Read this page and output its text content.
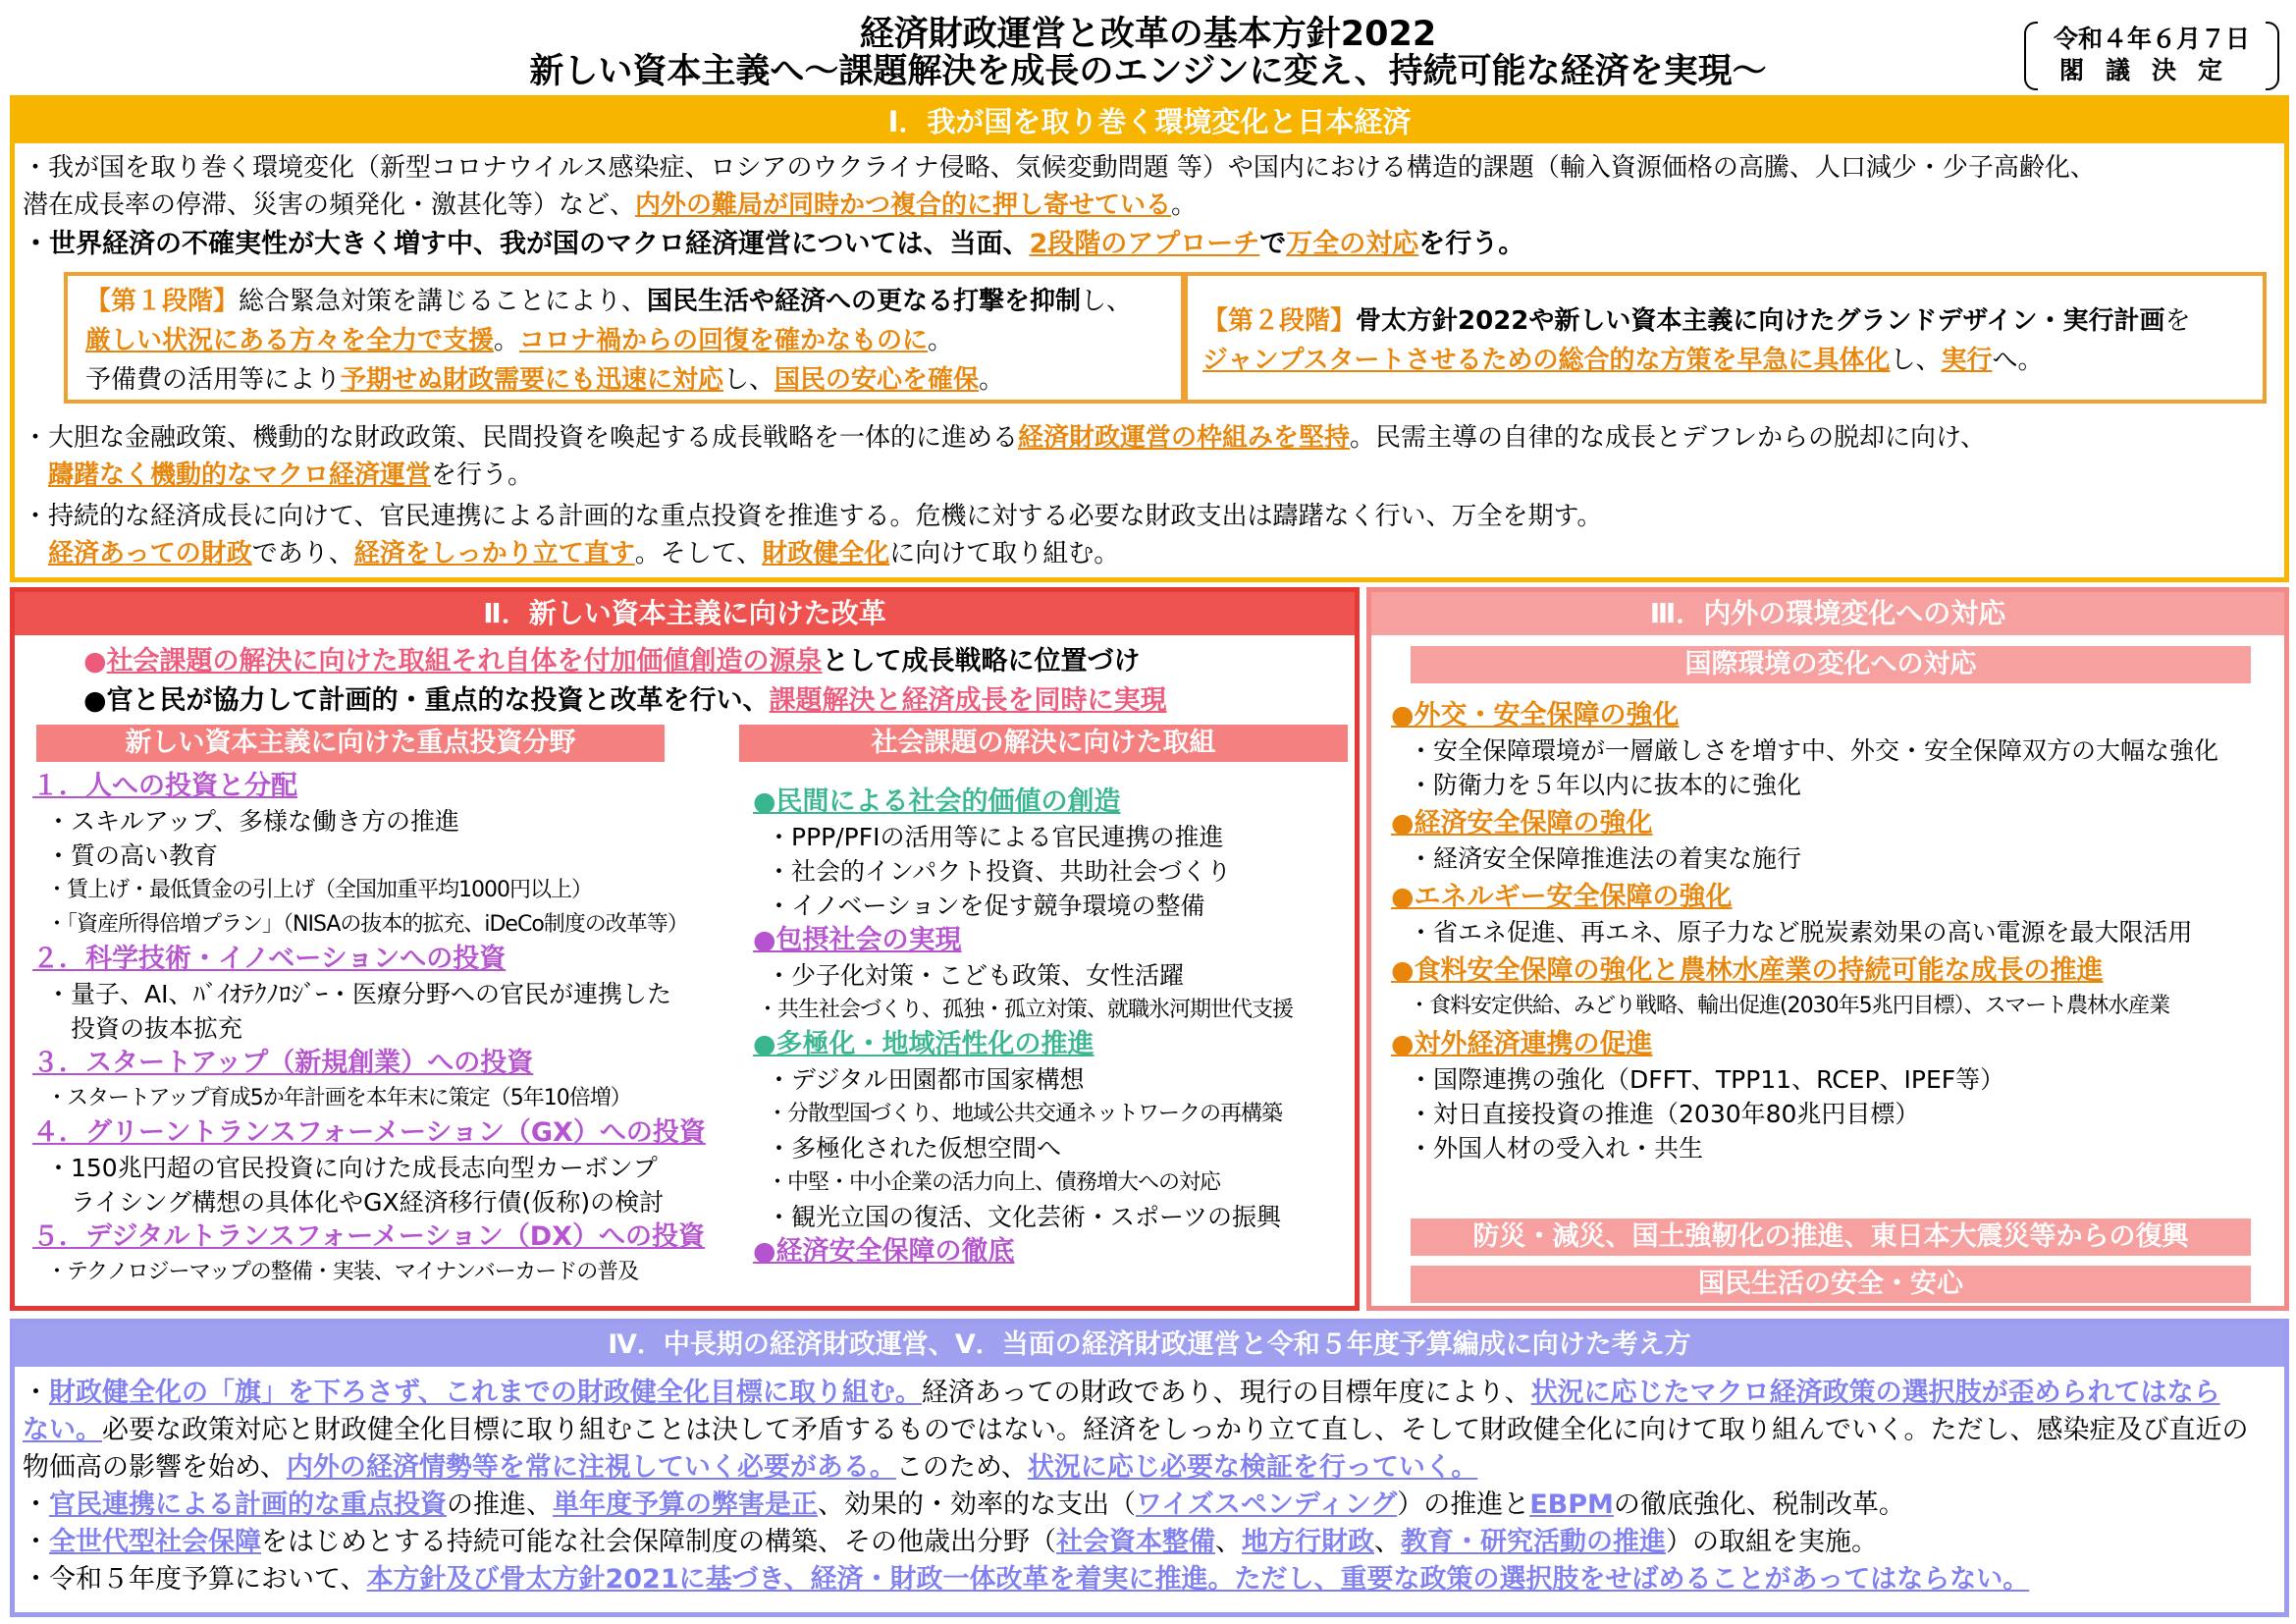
経済財政運営と改革の基本方針2022
新しい資本主義へ～課題解決を成長のエンジンに変え、持続可能な経済を実現～
令和４年６月７日
閣議決定
Ⅰ．我が国を取り巻く環境変化と日本経済
・我が国を取り巻く環境変化（新型コロナウイルス感染症、ロシアのウクライナ侵略、気候変動問題 等）や国内における構造的課題（輸入資源価格の高騰、人口減少・少子高齢化、
潜在成長率の停滞、災害の頻発化・激甚化等）など、内外の難局が同時かつ複合的に押し寄せている。
・世界経済の不確実性が大きく増す中、我が国のマクロ経済運営については、当面、2段階のアプローチで万全の対応を行う。
【第１段階】総合緊急対策を講じることにより、国民生活や経済への更なる打撃を抑制し、
厳しい状況にある方々を全力で支援。コロナ禍からの回復を確かなものに。
予備費の活用等により予期せぬ財政需要にも迅速に対応し、国民の安心を確保。
【第２段階】骨太方針2022や新しい資本主義に向けたグランドデザイン・実行計画を
ジャンプスタートさせるための総合的な方策を早急に具体化し、実行へ。
・大胆な金融政策、機動的な財政政策、民間投資を喚起する成長戦略を一体的に進める経済財政運営の枠組みを堅持。民需主導の自律的な成長とデフレからの脱却に向け、
躊躇なく機動的なマクロ経済運営を行う。
・持続的な経済成長に向けて、官民連携による計画的な重点投資を推進する。危機に対する必要な財政支出は躊躇なく行い、万全を期す。
経済あっての財政であり、経済をしっかり立て直す。そして、財政健全化に向けて取り組む。
Ⅱ．新しい資本主義に向けた改革
●社会課題の解決に向けた取組それ自体を付加価値創造の源泉として成長戦略に位置づけ
●官と民が協力して計画的・重点的な投資と改革を行い、課題解決と経済成長を同時に実現
新しい資本主義に向けた重点投資分野	社会課題の解決に向けた取組
１．人への投資と分配
・スキルアップ、多様な働き方の推進
・質の高い教育
・賃上げ・最低賃金の引上げ（全国加重平均1000円以上）
・「資産所得倍増プラン」（NISAの抜本的拡充、iDeCo制度の改革等）
２．科学技術・イノベーションへの投資
・量子、AI、ﾊﾞｲｵﾃｸﾉﾛｼﾞｰ・医療分野への官民が連携した
　投資の抜本拡充
３．スタートアップ（新規創業）への投資
・スタートアップ育成5か年計画を本年末に策定（5年10倍増）
４．グリーントランスフォーメーション（GX）への投資
・150兆円超の官民投資に向けた成長志向型カーボンプ
　ライシング構想の具体化やGX経済移行債(仮称)の検討
５．デジタルトランスフォーメーション（DX）への投資
・テクノロジーマップの整備・実装、マイナンバーカードの普及
●民間による社会的価値の創造
・PPP/PFIの活用等による官民連携の推進
・社会的インパクト投資、共助社会づくり
・イノベーションを促す競争環境の整備
●包摂社会の実現
・少子化対策・こども政策、女性活躍
・共生社会づくり、孤独・孤立対策、就職氷河期世代支援
●多極化・地域活性化の推進
・デジタル田園都市国家構想
・分散型国づくり、地域公共交通ネットワークの再構築
・多極化された仮想空間へ
・中堅・中小企業の活力向上、債務増大への対応
・観光立国の復活、文化芸術・スポーツの振興
●経済安全保障の徹底
Ⅲ．内外の環境変化への対応
国際環境の変化への対応
●外交・安全保障の強化
・安全保障環境が一層厳しさを増す中、外交・安全保障双方の大幅な強化
・防衛力を５年以内に抜本的に強化
●経済安全保障の強化
・経済安全保障推進法の着実な施行
●エネルギー安全保障の強化
・省エネ促進、再エネ、原子力など脱炭素効果の高い電源を最大限活用
●食料安全保障の強化と農林水産業の持続可能な成長の推進
・食料安定供給、みどり戦略、輸出促進(2030年5兆円目標）、スマート農林水産業
●対外経済連携の促進
・国際連携の強化（DFFT、TPP11、RCEP、IPEF等）
・対日直接投資の推進（2030年80兆円目標）
・外国人材の受入れ・共生
防災・減災、国土強靭化の推進、東日本大震災等からの復興
国民生活の安全・安心
Ⅳ．中長期の経済財政運営、Ⅴ．当面の経済財政運営と令和５年度予算編成に向けた考え方
・財政健全化の「旗」を下ろさず、これまでの財政健全化目標に取り組む。経済あっての財政であり、現行の目標年度により、状況に応じたマクロ経済政策の選択肢が歪められてはなら
ない。必要な政策対応と財政健全化目標に取り組むことは決して矛盾するものではない。経済をしっかり立て直し、そして財政健全化に向けて取り組んでいく。ただし、感染症及び直近の
物価高の影響を始め、内外の経済情勢等を常に注視していく必要がある。このため、状況に応じ必要な検証を行っていく。
・官民連携による計画的な重点投資の推進、単年度予算の弊害是正、効果的・効率的な支出（ワイズスペンディング）の推進とEBPMの徹底強化、税制改革。
・全世代型社会保障をはじめとする持続可能な社会保障制度の構築、その他歳出分野（社会資本整備、地方行財政、教育・研究活動の推進）の取組を実施。
・令和５年度予算において、本方針及び骨太方針2021に基づき、経済・財政一体改革を着実に推進。ただし、重要な政策の選択肢をせばめることがあってはならない。
